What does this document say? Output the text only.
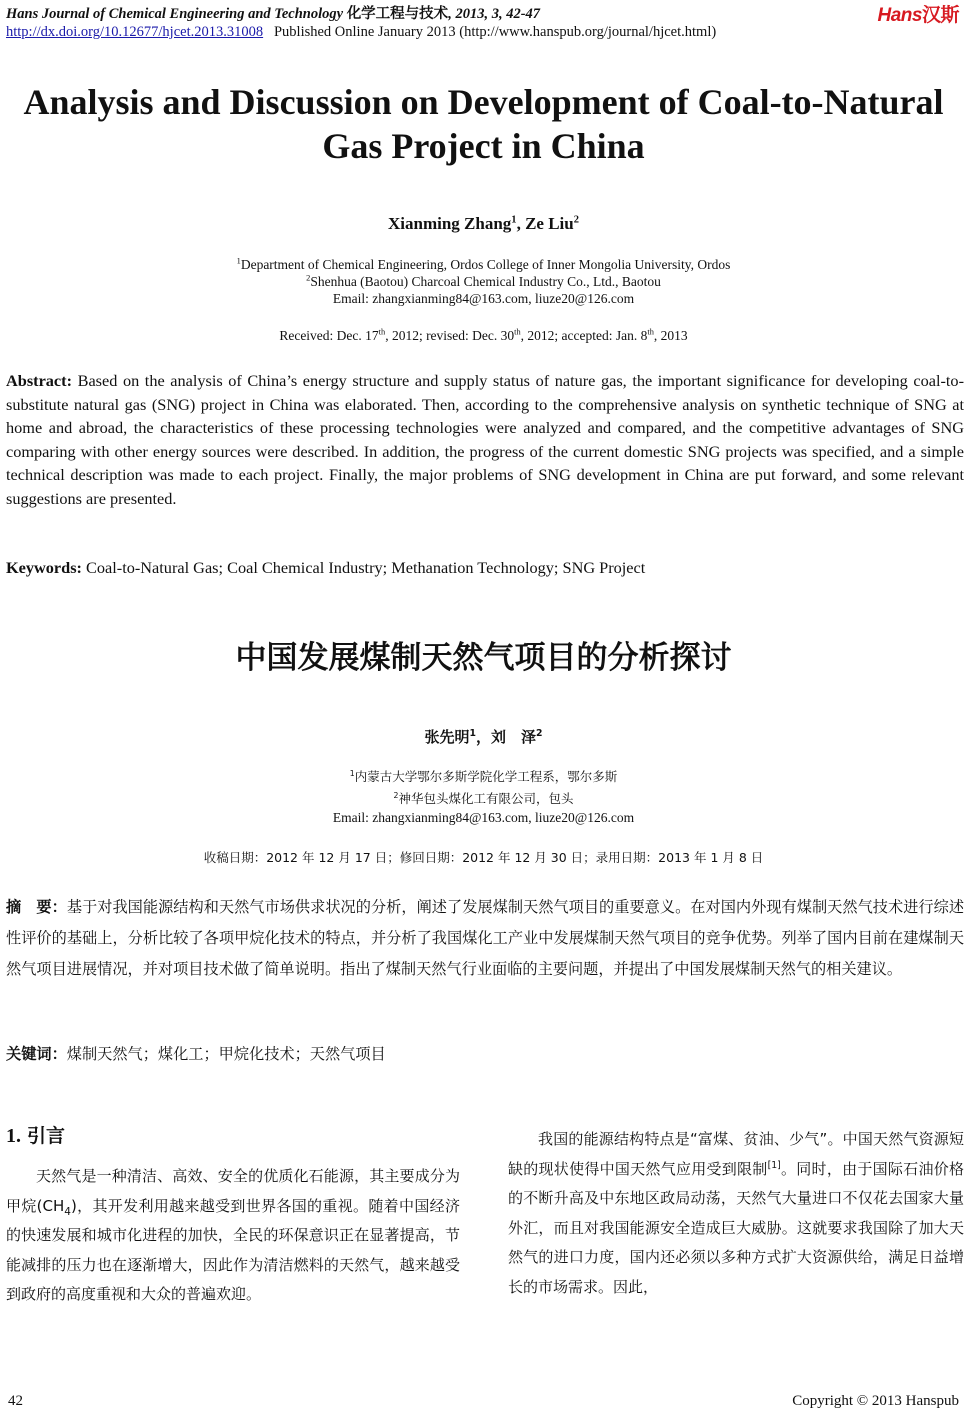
Hans Journal of Chemical Engineering and Technology 化学工程与技术, 2013, 3, 42-47	Hans汉斯
http://dx.doi.org/10.12677/hjcet.2013.31008 Published Online January 2013 (http://www.hanspub.org/journal/hjcet.html)
Analysis and Discussion on Development of Coal-to-Natural
Gas Project in China
Xianming Zhang$^1$, Ze Liu$^2$
$^1$Department of Chemical Engineering, Ordos College of Inner Mongolia University, Ordos
$^2$Shenhua (Baotou) Charcoal Chemical Industry Co., Ltd., Baotou
Email: zhangxianming84@163.com, liuze20@126.com
Received: Dec. 17th, 2012; revised: Dec. 30th, 2012; accepted: Jan. 8th, 2013
Abstract: Based on the analysis of China’s energy structure and supply status of nature gas, the important significance for developing coal-to-substitute natural gas (SNG) project in China was elaborated. Then, according to the comprehensive analysis on synthetic technique of SNG at home and abroad, the characteristics of these processing technologies were analyzed and compared, and the competitive advantages of SNG comparing with other energy sources were described. In addition, the progress of the current domestic SNG projects was specified, and a simple technical description was made to each project. Finally, the major problems of SNG development in China are put forward, and some relevant suggestions are presented.
Keywords: Coal-to-Natural Gas; Coal Chemical Industry; Methanation Technology; SNG Project
中国发展煤制天然气项目的分析探讨
张先明$^1$，刘　泽$^2$
$^1$内蒙古大学鄂尔多斯学院化学工程系，鄂尔多斯
$^2$神华包头煤化工有限公司，包头
Email: zhangxianming84@163.com, liuze20@126.com
收稿日期：2012 年 12 月 17 日；修回日期：2012 年 12 月 30 日；录用日期：2013 年 1 月 8 日
摘　要：基于对我国能源结构和天然气市场供求状况的分析，阐述了发展煤制天然气项目的重要意义。在对国内外现有煤制天然气技术进行综述性评价的基础上，分析比较了各项甲烷化技术的特点，并分析了我国煤化工产业中发展煤制天然气项目的竞争优势。列举了国内目前在建煤制天然气项目进展情况，并对项目技术做了简单说明。指出了煤制天然气行业面临的主要问题，并提出了中国发展煤制天然气的相关建议。
关键词：煤制天然气；煤化工；甲烷化技术；天然气项目
1. 引言

天然气是一种清洁、高效、安全的优质化石能源，其主要成分为甲烷$(CH_4)$，其开发利用越来越受到世界各国的重视。随着中国经济的快速发展和城市化进程的加快，全民的环保意识正在显著提高，节能减排的压力也在逐渐增大，因此作为清洁燃料的天然气，越来越受到政府的高度重视和大众的普遍欢迎。

我国的能源结构特点是“富煤、贫油、少气”。中国天然气资源短缺的现状使得中国天然气应用受到限制[1]。同时，由于国际石油价格的不断升高及中东地区政局动荡，天然气大量进口不仅花去国家大量外汇，而且对我国能源安全造成巨大威胁。这就要求我国除了加大天然气的进口力度，国内还必须以多种方式扩大资源供给，满足日益增长的市场需求。因此，

42	Copyright © 2013 Hanspub
